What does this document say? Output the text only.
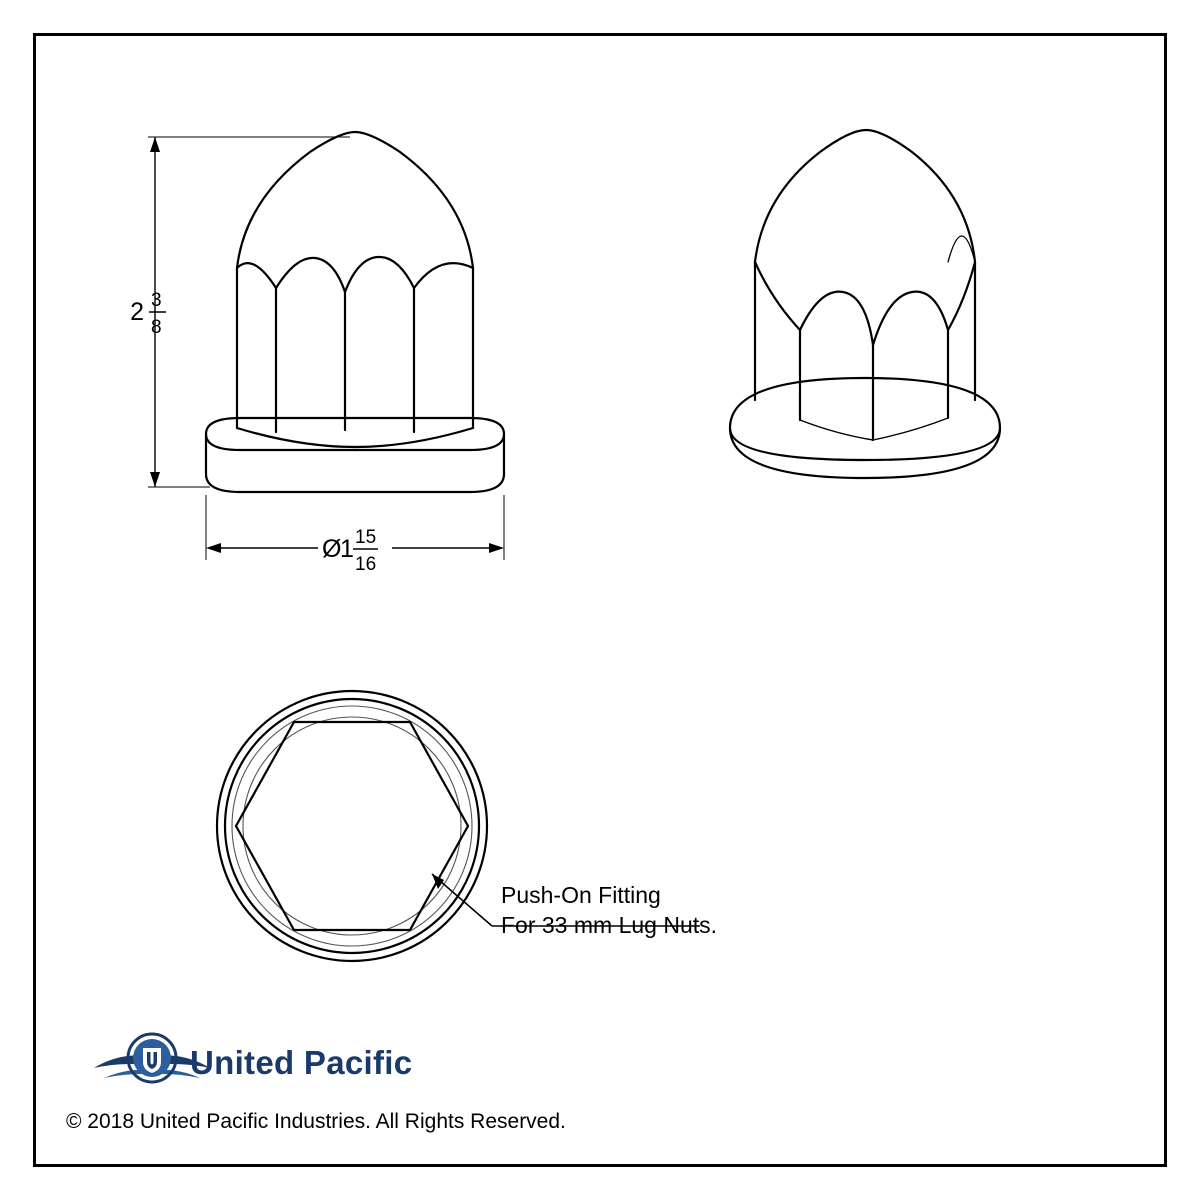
2 3
8
Ø
1 15
16
Push-On Fitting
For 33 mm Lug Nuts.
United Pacific
© 2018 United Pacific Industries. All Rights Reserved.
